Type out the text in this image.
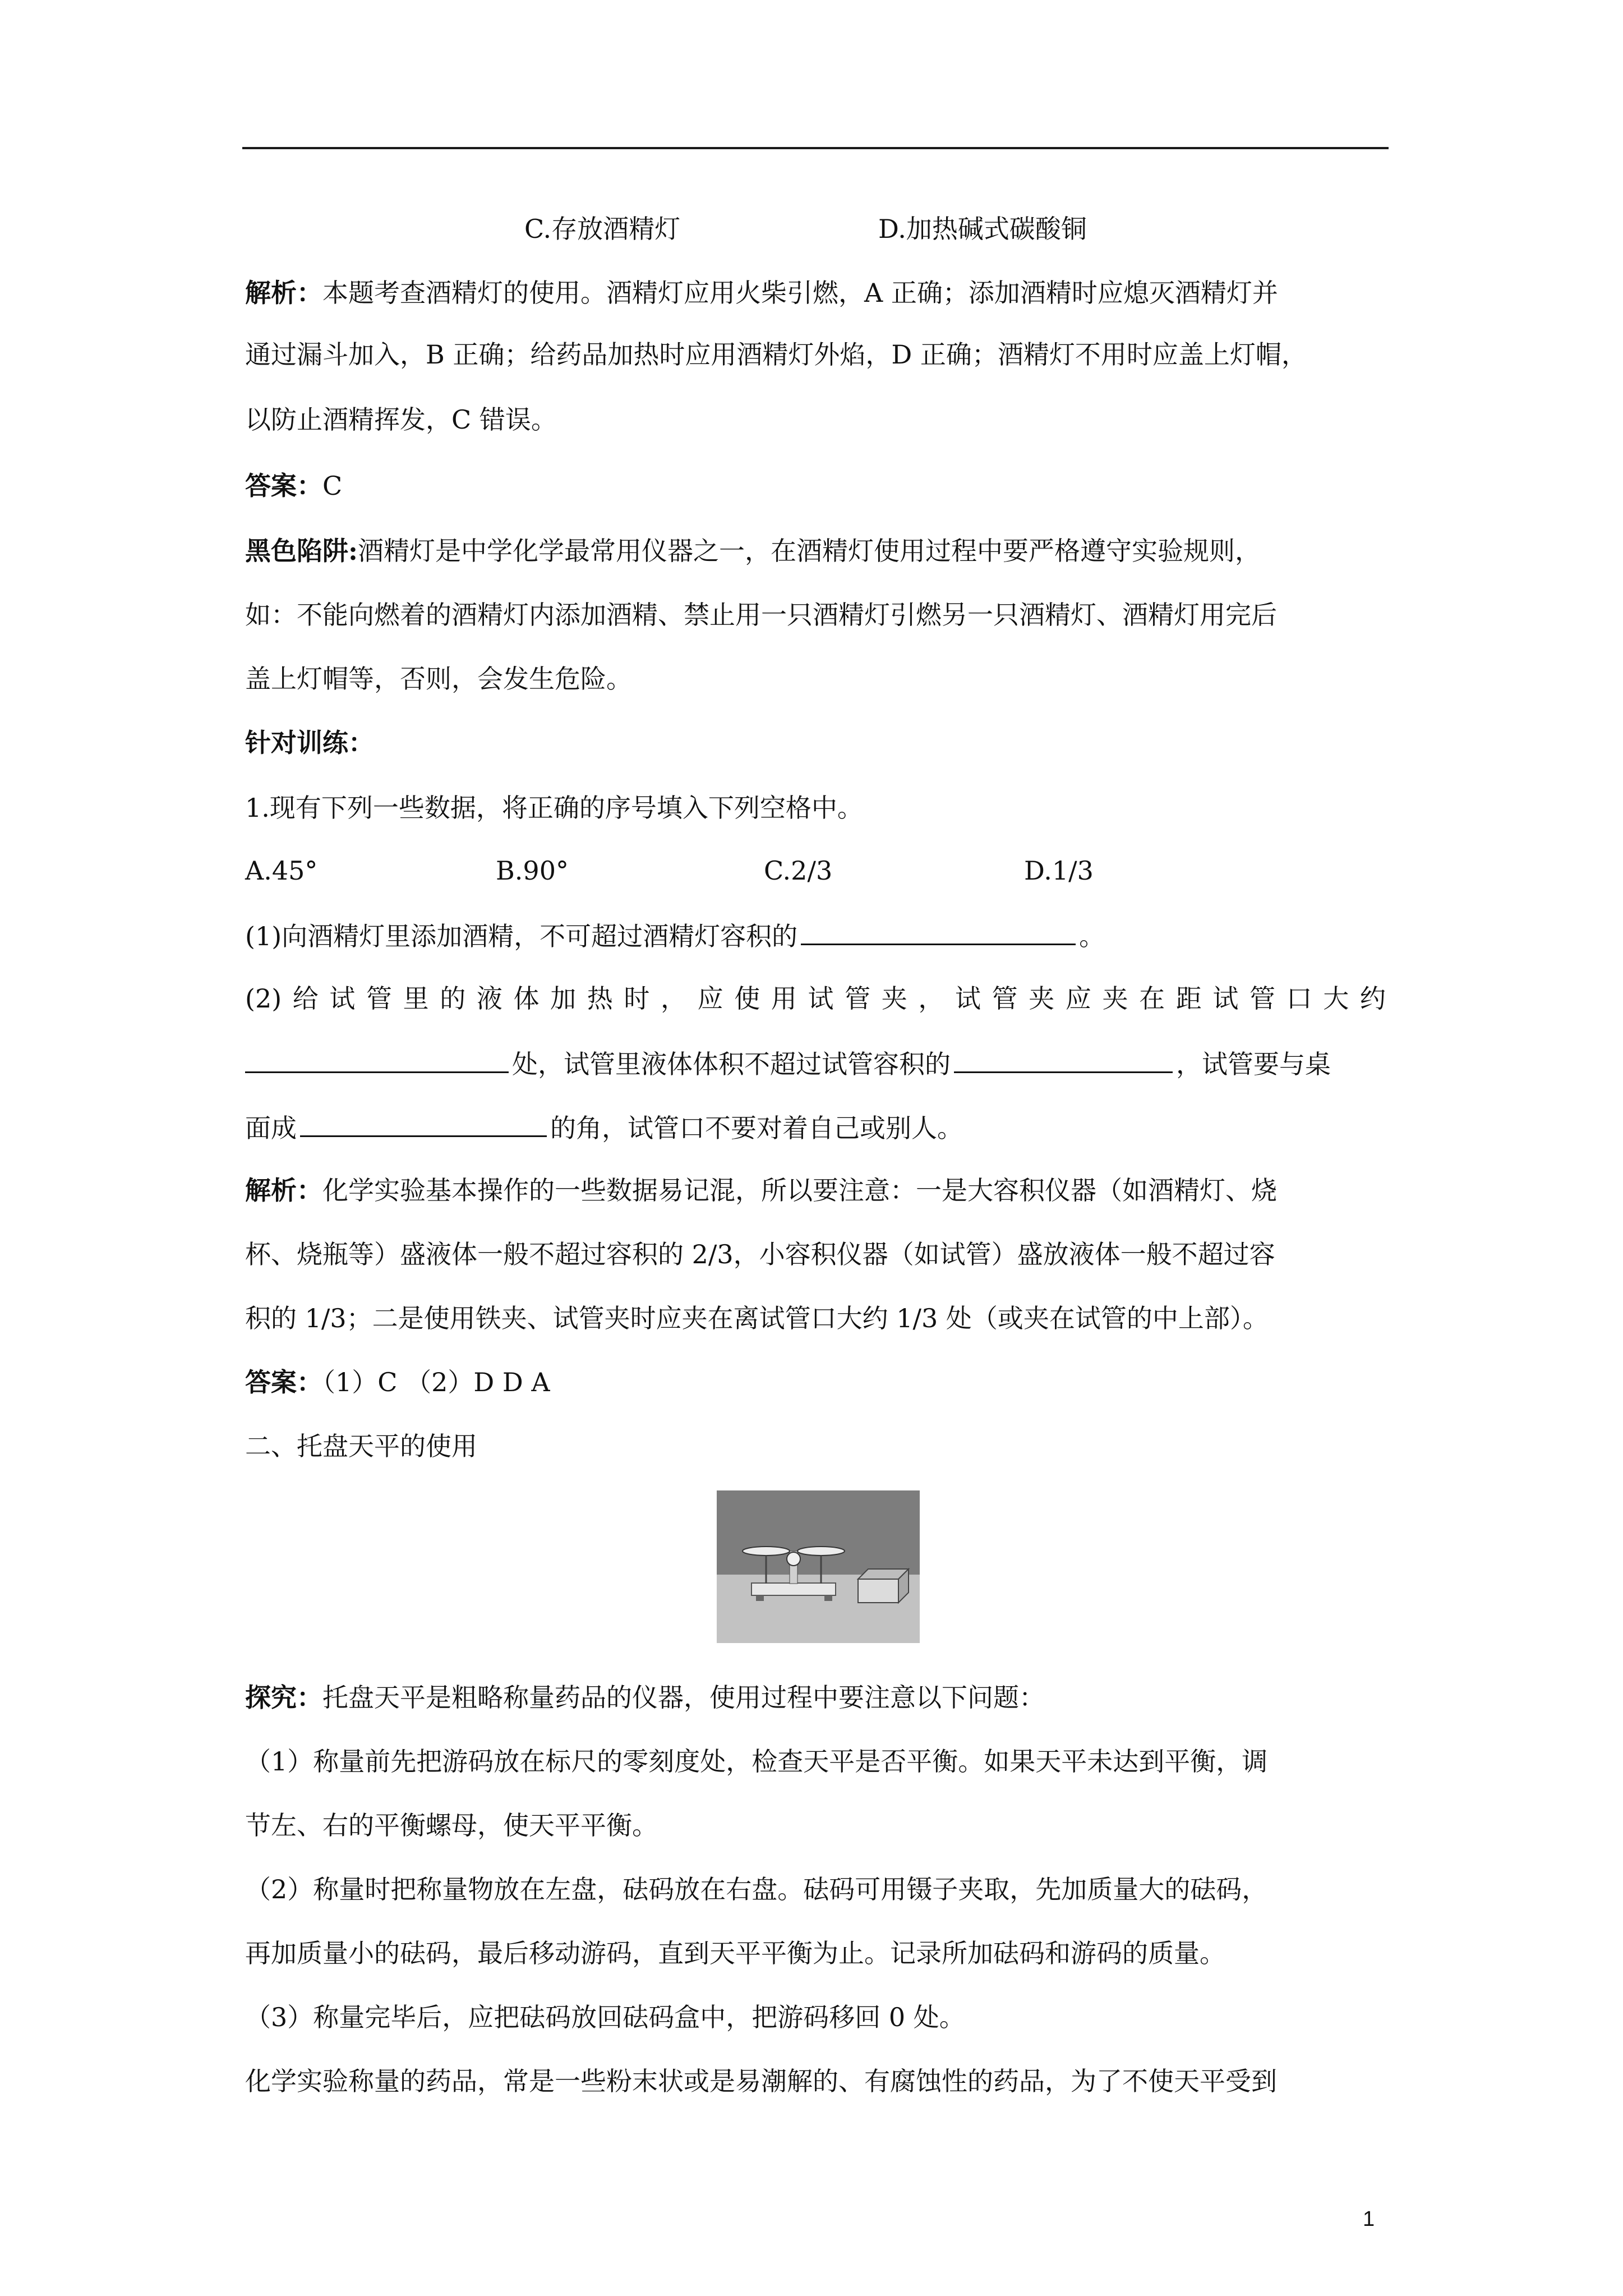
C.存放酒精灯	D.加热碱式碳酸铜
解析：本题考查酒精灯的使用。酒精灯应用火柴引燃，A 正确；添加酒精时应熄灭酒精灯并
通过漏斗加入，B 正确；给药品加热时应用酒精灯外焰，D 正确；酒精灯不用时应盖上灯帽，
以防止酒精挥发，C 错误。
答案：C
黑色陷阱:酒精灯是中学化学最常用仪器之一，在酒精灯使用过程中要严格遵守实验规则，
如：不能向燃着的酒精灯内添加酒精、禁止用一只酒精灯引燃另一只酒精灯、酒精灯用完后
盖上灯帽等，否则，会发生危险。
针对训练：
1.现有下列一些数据，将正确的序号填入下列空格中。
A.45°	B.90°	C.2/3	D.1/3
(1)向酒精灯里添加酒精，不可超过酒精灯容积的	。
(2) 给 试 管 里 的 液 体 加 热 时 ， 应 使 用 试 管 夹 ， 试 管 夹 应 夹 在 距 试 管 口 大 约
处，试管里液体体积不超过试管容积的	，试管要与桌
面成	的角，试管口不要对着自己或别人。
解析：化学实验基本操作的一些数据易记混，所以要注意：一是大容积仪器（如酒精灯、烧
杯、烧瓶等）盛液体一般不超过容积的 2/3，小容积仪器（如试管）盛放液体一般不超过容
积的 1/3；二是使用铁夹、试管夹时应夹在离试管口大约 1/3 处（或夹在试管的中上部）。
答案：（1）C （2）D D A
二、托盘天平的使用
探究：托盘天平是粗略称量药品的仪器，使用过程中要注意以下问题：
（1）称量前先把游码放在标尺的零刻度处，检查天平是否平衡。如果天平未达到平衡，调
节左、右的平衡螺母，使天平平衡。
（2）称量时把称量物放在左盘，砝码放在右盘。砝码可用镊子夹取，先加质量大的砝码，
再加质量小的砝码，最后移动游码，直到天平平衡为止。记录所加砝码和游码的质量。
（3）称量完毕后，应把砝码放回砝码盒中，把游码移回 0 处。
化学实验称量的药品，常是一些粉末状或是易潮解的、有腐蚀性的药品，为了不使天平受到
1
